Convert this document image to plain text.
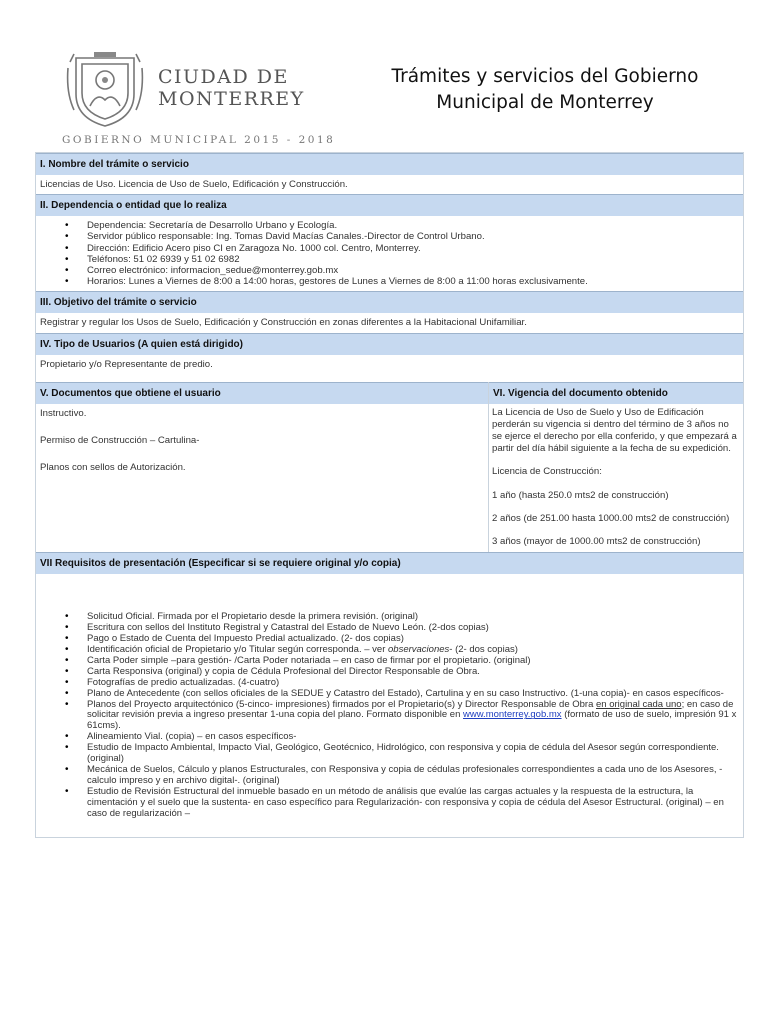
CIUDAD DE
MONTERREY
GOBIERNO MUNICIPAL 2015 - 2018
Trámites y servicios del Gobierno
Municipal de Monterrey
I. Nombre del trámite o servicio
Licencias de Uso. Licencia de Uso de Suelo, Edificación y Construcción.
II. Dependencia o entidad que lo realiza
• Dependencia: Secretaría de Desarrollo Urbano y Ecología.
• Servidor público responsable: Ing. Tomas David Macías Canales.-Director de Control Urbano.
• Dirección: Edificio Acero piso CI en Zaragoza No. 1000 col. Centro, Monterrey.
• Teléfonos: 51 02 6939 y 51 02 6982
• Correo electrónico: informacion_sedue@monterrey.gob.mx
• Horarios: Lunes a Viernes de 8:00 a 14:00 horas, gestores de Lunes a Viernes de 8:00 a 11:00 horas exclusivamente.
III. Objetivo del trámite o servicio
Registrar y regular los Usos de Suelo, Edificación y Construcción en zonas diferentes a la Habitacional Unifamiliar.
IV. Tipo de Usuarios (A quien está dirigido)
Propietario y/o Representante de predio.
V. Documentos que obtiene el usuario

Instructivo.

Permiso de Construcción – Cartulina-

Planos con sellos de Autorización.

VI. Vigencia del documento obtenido

La Licencia de Uso de Suelo y Uso de Edificación perderán su vigencia si dentro del término de 3 años no se ejerce el derecho por ella conferido, y que empezará a partir del día hábil siguiente a la fecha de su expedición.

Licencia de Construcción:

1 año (hasta 250.0 mts2 de construcción)

2 años (de 251.00 hasta 1000.00 mts2 de construcción)

3 años (mayor de 1000.00 mts2 de construcción)

VII Requisitos de presentación (Especificar si se requiere original y/o copia)
• Solicitud Oficial. Firmada por el Propietario desde la primera revisión. (original)
• Escritura con sellos del Instituto Registral y Catastral del Estado de Nuevo León. (2-dos copias)
• Pago o Estado de Cuenta del Impuesto Predial actualizado. (2- dos copias)
• Identificación oficial de Propietario y/o Titular según corresponda. – ver observaciones- (2- dos copias)
• Carta Poder simple –para gestión- /Carta Poder notariada – en caso de firmar por el propietario. (original)
• Carta Responsiva (original) y copia de Cédula Profesional del Director Responsable de Obra.
• Fotografías de predio actualizadas. (4-cuatro)
• Plano de Antecedente (con sellos oficiales de la SEDUE y Catastro del Estado), Cartulina y en su caso Instructivo. (1-una copia)- en casos específicos-
• Planos del Proyecto arquitectónico (5-cinco- impresiones) firmados por el Propietario(s) y Director Responsable de Obra en original cada uno; en caso de solicitar revisión previa a ingreso presentar 1-una copia del plano. Formato disponible en www.monterrey.gob.mx (formato de uso de suelo, impresión 91 x 61cms).
• Alineamiento Vial. (copia) – en casos específicos-
• Estudio de Impacto Ambiental, Impacto Vial, Geológico, Geotécnico, Hidrológico, con responsiva y copia de cédula del Asesor según correspondiente. (original)
• Mecánica de Suelos, Cálculo y planos Estructurales, con Responsiva y copia de cédulas profesionales correspondientes a cada uno de los Asesores, - calculo impreso y en archivo digital-. (original)
• Estudio de Revisión Estructural del inmueble basado en un método de análisis que evalúe las cargas actuales y la respuesta de la estructura, la cimentación y el suelo que la sustenta- en caso específico para Regularización- con responsiva y copia de cédula del Asesor Estructural. (original) – en caso de regularización –
